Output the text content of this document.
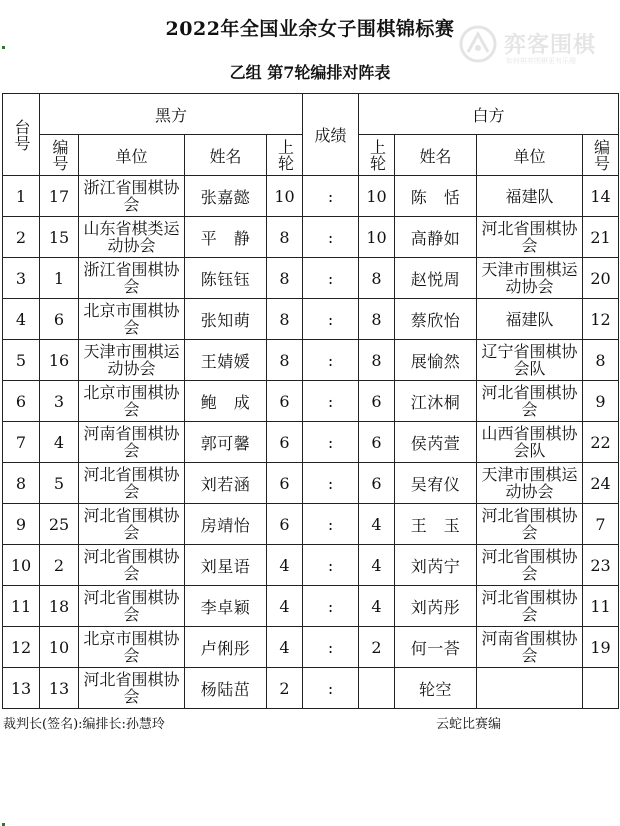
2022年全国业余女子围棋锦标赛
乙组 第7轮编排对阵表
弈客围棋
如何棋弈围棋更有乐趣
台号	黑方				成绩	白方			
	编号	单位	姓名	上轮		上轮	姓名	单位	编号
1	17	浙江省围棋协会	张嘉懿	10	:	10	陈　恬	福建队	14
2	15	山东省棋类运动协会	平　静	8	:	10	高静如	河北省围棋协会	21
3	1	浙江省围棋协会	陈钰钰	8	:	8	赵悦周	天津市围棋运动协会	20
4	6	北京市围棋协会	张知萌	8	:	8	蔡欣怡	福建队	12
5	16	天津市围棋运动协会	王婧媛	8	:	8	展愉然	辽宁省围棋协会队	8
6	3	北京市围棋协会	鲍　成	6	:	6	江沐桐	河北省围棋协会	9
7	4	河南省围棋协会	郭可馨	6	:	6	侯芮萱	山西省围棋协会队	22
8	5	河北省围棋协会	刘若涵	6	:	6	吴宥仪	天津市围棋运动协会	24
9	25	河北省围棋协会	房靖怡	6	:	4	王　玉	河北省围棋协会	7
10	2	河北省围棋协会	刘星语	4	:	4	刘芮宁	河北省围棋协会	23
11	18	河北省围棋协会	李卓颖	4	:	4	刘芮彤	河北省围棋协会	11
12	10	北京市围棋协会	卢俐彤	4	:	2	何一荅	河南省围棋协会	19
13	13	河北省围棋协会	杨陆茁	2	:		轮空		
裁判长(签名):编排长:孙慧玲	云蛇比赛编
